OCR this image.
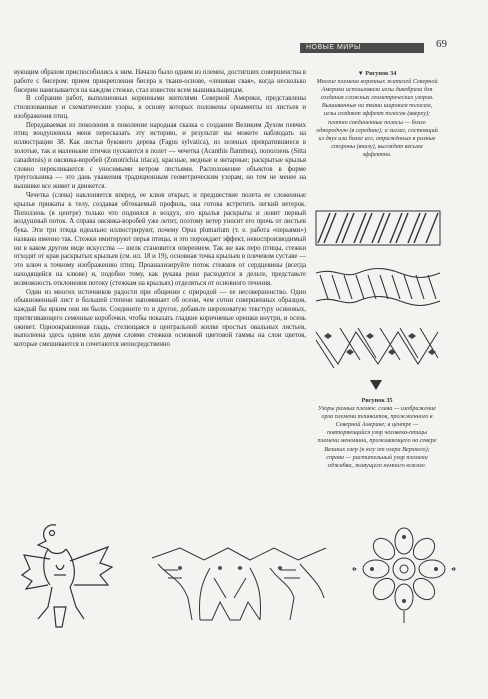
НОВЫЕ МИРЫ	69

вующим образом приспособились к ним. Начало было одним из племен, достигших совершенства в работе с бисером: прием прикрепления бисера к ткани-основе, «ленивая свая», когда несколько бисерин нанизывается на каждом стежке, стал известен всем вышивальщицам.

В собрании работ, выполненных коренными жителями Северной Америки, представлены стилизованные и схематические узоры, в основу которых положены орнаменты из листьев и изображения птиц.

Передаваемая из поколения в поколение народная сказка о создании Великим Духом певчих птиц воодушевила меня пересказать эту историю, и результат вы можете наблюдать на иллюстрации 38. Как листья букового дерева (Fagus sylvatica), из зеленых превратившиеся в золотые, так и маленькие птички пускаются в полет — чечетка (Acanthis flammea), поползень (Sitta canadensis) и овсянка-воробей (Zonotrichia iriaca), красные, медные и янтарные; раскрытые крылья словно перекликаются с уносимыми ветром листьями. Расположение объектов в форме треугольника — это дань уважения традиционным геометрическим узорам, но тем не менее на вышивке все живет и движется.

Чечетка (слева) наклоняется вперед, ее клюв открыт, и предшествие полета ее сложенные крылья прижаты к телу, создавая обтекаемый профиль, она готова встретить легкий ветерок. Поползень (в центре) только что поднялся в воздух, его крылья раскрыты и ловит первый воздушный поток. А справа овсянка-воробей уже летит, поэтому ветер уносит его прочь от листьев бука. Эти три этюда идеально иллюстрируют, почему Opus plumarium (т. е. работа «перьями») названа именно так. Стежки имитируют перья птицы, и это порождает эффект, невоспроизводимый ни в каком другом виде искусства — шелк становится оперением. Так же как перо птицы, стежки отходят от края раскрытых крыльев (см. ил. 18 и 19), основная точка крыльев в плечевом суставе — это ключ к точному изображению птиц. Проанализируйте поток стежков от сердцевины (всегда находящейся на клюве) и, подобно тому, как рукава реки расходятся в дельте, представьте возможность отклонения потоку (стежкам на крыльях) отделяться от основного течения.

Один из многих источников радости при общении с природой — ее несовершенство. Один обыкновенный лист в большей степени напоминает об осени, чем сотни совершенных образцов, каждый бы ярким они ни были. Соедините то и другое, добавьте шероховатую текстуру осиновых, притягивающего семенные коробочки, чтобы показать гладкие коричневые орешки внутри, и осень оживет. Одноокрашенная гладь, стелющаяся в центральной жилке простых овальных листьев, выполнена здесь одним или двумя слоями стежков основной цветовой гаммы на слои цветов, которые смешиваются и сочетаются непосредственно

▼ Рисунок 34
Многие племена коренных жителей Северной Америки использовали иглы дикобраза для создания сложных геометрических узоров. Вышиванные на ткани широким полосам, иглы создают эффект полосок (вверху); плотно соединенные полосы — более однородную (в середине); а зигзаг, состоящий из двух или более игл, отражённых в разные стороны (внизу), выглядит весьма эффектно.
Рисунок 35
Узоры разных племен: слева — изображение орла племени тлинкитов, прожженного в Северной Америке; в центре — повторяющийся узор человека-птицы племени меномини, проживающего на севере Великих озер (к югу от озера Верхнего); справа — растительный узор племени оджибва, живущего немного южнее.
